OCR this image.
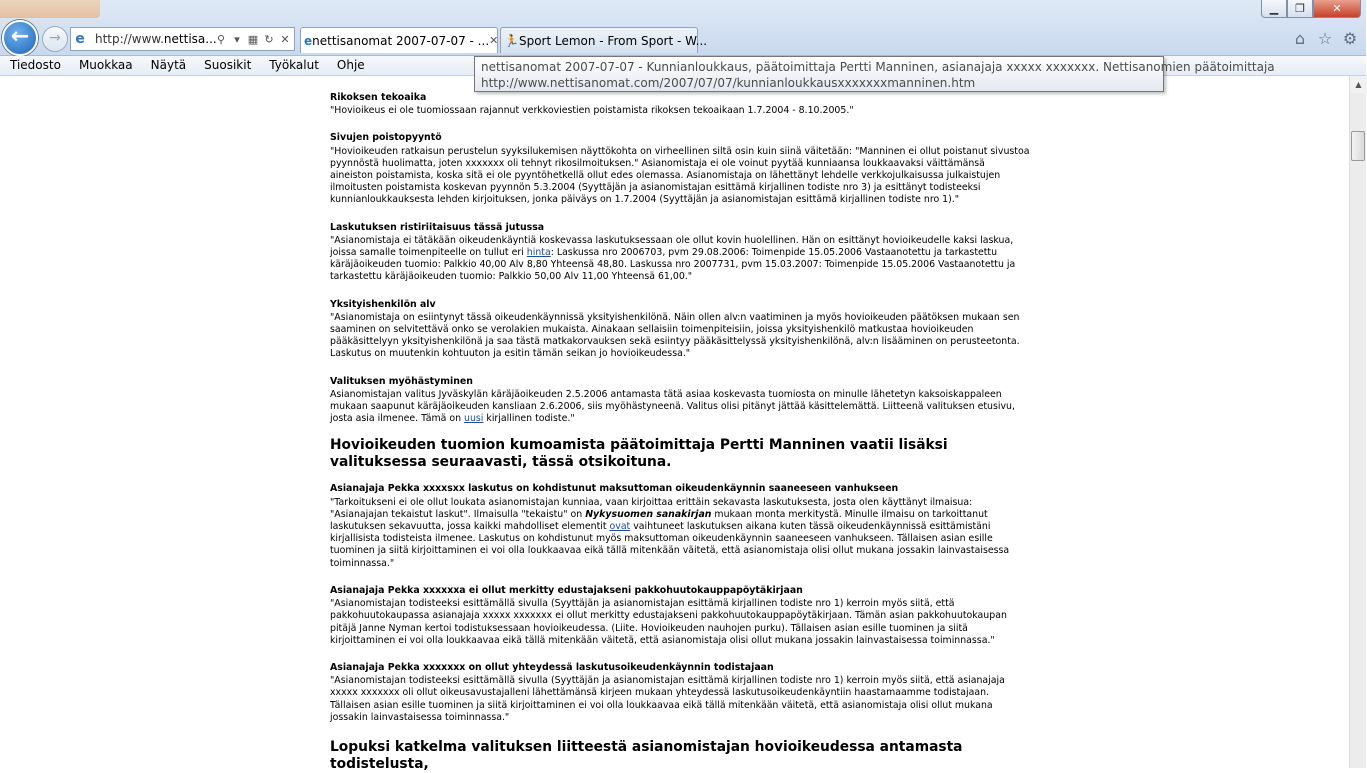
▁	❐	✕
←	→	e http://www.nettisa... ⚲ ▾ ▦ ↻ ✕ e nettisanomat 2007-07-07 - ... ✕ 🏃 Sport Lemon - From Sport - W...	⌂ ☆ ⚙
Tiedosto	Muokkaa	Näytä	Suosikit	Työkalut	Ohje	nettisanomat 2007-07-07 - Kunnianloukkaus, päätoimittaja Pertti Manninen, asianajaja xxxxx xxxxxxx. Nettisanomien päätoimittaja
http://www.nettisanomat.com/2007/07/07/kunnianloukkausxxxxxxxmanninen.htm	▲
Rikoksen tekoaika

"Hovioikeus ei ole tuomiossaan rajannut verkkoviestien poistamista rikoksen tekoaikaan 1.7.2004 - 8.10.2005."

Sivujen poistopyyntö

"Hovioikeuden ratkaisun perustelun syyksilukemisen näyttökohta on virheellinen siltä osin kuin siinä väitetään: "Manninen ei ollut poistanut sivustoa pyynnöstä huolimatta, joten xxxxxxx oli tehnyt rikosilmoituksen." Asianomistaja ei ole voinut pyytää kunniaansa loukkaavaksi väittämänsä aineiston poistamista, koska sitä ei ole pyyntöhetkellä ollut edes olemassa. Asianomistaja on lähettänyt lehdelle verkkojulkaisussa julkaistujen ilmoitusten poistamista koskevan pyynnön 5.3.2004 (Syyttäjän ja asianomistajan esittämä kirjallinen todiste nro 3) ja esittänyt todisteeksi kunnianloukkauksesta lehden kirjoituksen, jonka päiväys on 1.7.2004 (Syyttäjän ja asianomistajan esittämä kirjallinen todiste nro 1)."

Laskutuksen ristiriitaisuus tässä jutussa

"Asianomistaja ei tätäkään oikeudenkäyntiä koskevassa laskutuksessaan ole ollut kovin huolellinen. Hän on esittänyt hovioikeudelle kaksi laskua, joissa samalle toimenpiteelle on tullut eri hinta: Laskussa nro 2006703, pvm 29.08.2006: Toimenpide 15.05.2006 Vastaanotettu ja tarkastettu käräjäoikeuden tuomio: Palkkio 40,00 Alv 8,80 Yhteensä 48,80. Laskussa nro 2007731, pvm 15.03.2007: Toimenpide 15.05.2006 Vastaanotettu ja tarkastettu käräjäoikeuden tuomio: Palkkio 50,00 Alv 11,00 Yhteensä 61,00."

Yksityishenkilön alv

"Asianomistaja on esiintynyt tässä oikeudenkäynnissä yksityishenkilönä. Näin ollen alv:n vaatiminen ja myös hovioikeuden päätöksen mukaan sen saaminen on selvitettävä onko se verolakien mukaista. Ainakaan sellaisiin toimenpiteisiin, joissa yksityishenkilö matkustaa hovioikeuden pääkäsittelyyn yksityishenkilönä ja saa tästä matkakorvauksen sekä esiintyy pääkäsittelyssä yksityishenkilönä, alv:n lisääminen on perusteetonta. Laskutus on muutenkin kohtuuton ja esitin tämän seikan jo hovioikeudessa."

Valituksen myöhästyminen

Asianomistajan valitus Jyväskylän käräjäoikeuden 2.5.2006 antamasta tätä asiaa koskevasta tuomiosta on minulle lähetetyn kaksoiskappaleen mukaan saapunut käräjäoikeuden kansliaan 2.6.2006, siis myöhästyneenä. Valitus olisi pitänyt jättää käsittelemättä. Liitteenä valituksen etusivu, josta asia ilmenee. Tämä on uusi kirjallinen todiste."

Hovioikeuden tuomion kumoamista päätoimittaja Pertti Manninen vaatii lisäksi valituksessa seuraavasti, tässä otsikoituna.
Asianajaja Pekka xxxxsxx laskutus on kohdistunut maksuttoman oikeudenkäynnin saaneeseen vanhukseen

"Tarkoitukseni ei ole ollut loukata asianomistajan kunniaa, vaan kirjoittaa erittäin sekavasta laskutuksesta, josta olen käyttänyt ilmaisua: "Asianajajan tekaistut laskut". Ilmaisulla "tekaistu" on Nykysuomen sanakirjan mukaan monta merkitystä. Minulle ilmaisu on tarkoittanut laskutuksen sekavuutta, jossa kaikki mahdolliset elementit ovat vaihtuneet laskutuksen aikana kuten tässä oikeudenkäynnissä esittämistäni kirjallisista todisteista ilmenee. Laskutus on kohdistunut myös maksuttoman oikeudenkäynnin saaneeseen vanhukseen. Tällaisen asian esille tuominen ja siitä kirjoittaminen ei voi olla loukkaavaa eikä tällä mitenkään väitetä, että asianomistaja olisi ollut mukana jossakin lainvastaisessa toiminnassa."

Asianajaja Pekka xxxxxxa ei ollut merkitty edustajakseni pakkohuutokauppapöytäkirjaan

"Asianomistajan todisteeksi esittämällä sivulla (Syyttäjän ja asianomistajan esittämä kirjallinen todiste nro 1) kerroin myös siitä, että pakkohuutokaupassa asianajaja xxxxx xxxxxxx ei ollut merkitty edustajakseni pakkohuutokauppapöytäkirjaan. Tämän asian pakkohuutokaupan pitäjä Janne Nyman kertoi todistuksessaan hovioikeudessa. (Liite. Hovioikeuden nauhojen purku). Tällaisen asian esille tuominen ja siitä kirjoittaminen ei voi olla loukkaavaa eikä tällä mitenkään väitetä, että asianomistaja olisi ollut mukana jossakin lainvastaisessa toiminnassa."

Asianajaja Pekka xxxxxxx on ollut yhteydessä laskutusoikeudenkäynnin todistajaan

"Asianomistajan todisteeksi esittämällä sivulla (Syyttäjän ja asianomistajan esittämä kirjallinen todiste nro 1) kerroin myös siitä, että asianajaja xxxxx xxxxxxx oli ollut oikeusavustajalleni lähettämänsä kirjeen mukaan yhteydessä laskutusoikeudenkäyntiin haastamaamme todistajaan. Tällaisen asian esille tuominen ja siitä kirjoittaminen ei voi olla loukkaavaa eikä tällä mitenkään väitetä, että asianomistaja olisi ollut mukana jossakin lainvastaisessa toiminnassa."

Lopuksi katkelma valituksen liitteestä asianomistajan hovioikeudessa antamasta todistelusta,
